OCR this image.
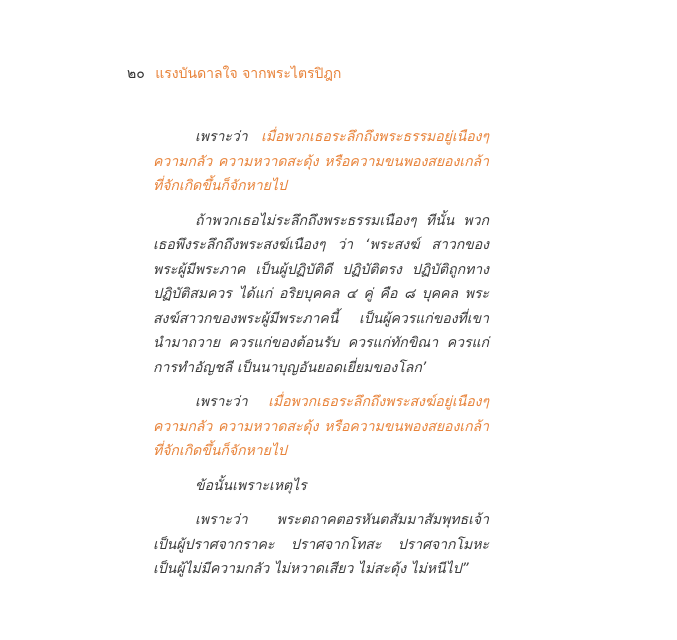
๒๐ แรงบันดาลใจ จากพระไตรปิฎก

เพราะว่า เมื่อพวกเธอระลึกถึงพระธรรมอยู่เนืองๆ ความกลัว ความหวาดสะดุ้ง หรือความขนพองสยองเกล้าที่จักเกิดขึ้นก็จักหายไป

ถ้าพวกเธอไม่ระลึกถึงพระธรรมเนืองๆ ทีนั้น พวกเธอพึงระลึกถึงพระสงฆ์เนืองๆ ว่า ‘พระสงฆ์ สาวกของพระผู้มีพระภาค เป็นผู้ปฏิบัติดี ปฏิบัติตรง ปฏิบัติถูกทาง ปฏิบัติสมควร ได้แก่ อริยบุคคล ๔ คู่ คือ ๘ บุคคล พระสงฆ์สาวกของพระผู้มีพระภาคนี้ เป็นผู้ควรแก่ของที่เขานำมาถวาย ควรแก่ของต้อนรับ ควรแก่ทักขิณา ควรแก่การทำอัญชลี เป็นนาบุญอันยอดเยี่ยมของโลก’

เพราะว่า เมื่อพวกเธอระลึกถึงพระสงฆ์อยู่เนืองๆ ความกลัว ความหวาดสะดุ้ง หรือความขนพองสยองเกล้าที่จักเกิดขึ้นก็จักหายไป

ข้อนั้นเพราะเหตุไร

เพราะว่า พระตถาคตอรหันตสัมมาสัมพุทธเจ้า เป็นผู้ปราศจากราคะ ปราศจากโทสะ ปราศจากโมหะ เป็นผู้ไม่มีความกลัว ไม่หวาดเสียว ไม่สะดุ้ง ไม่หนีไป”
